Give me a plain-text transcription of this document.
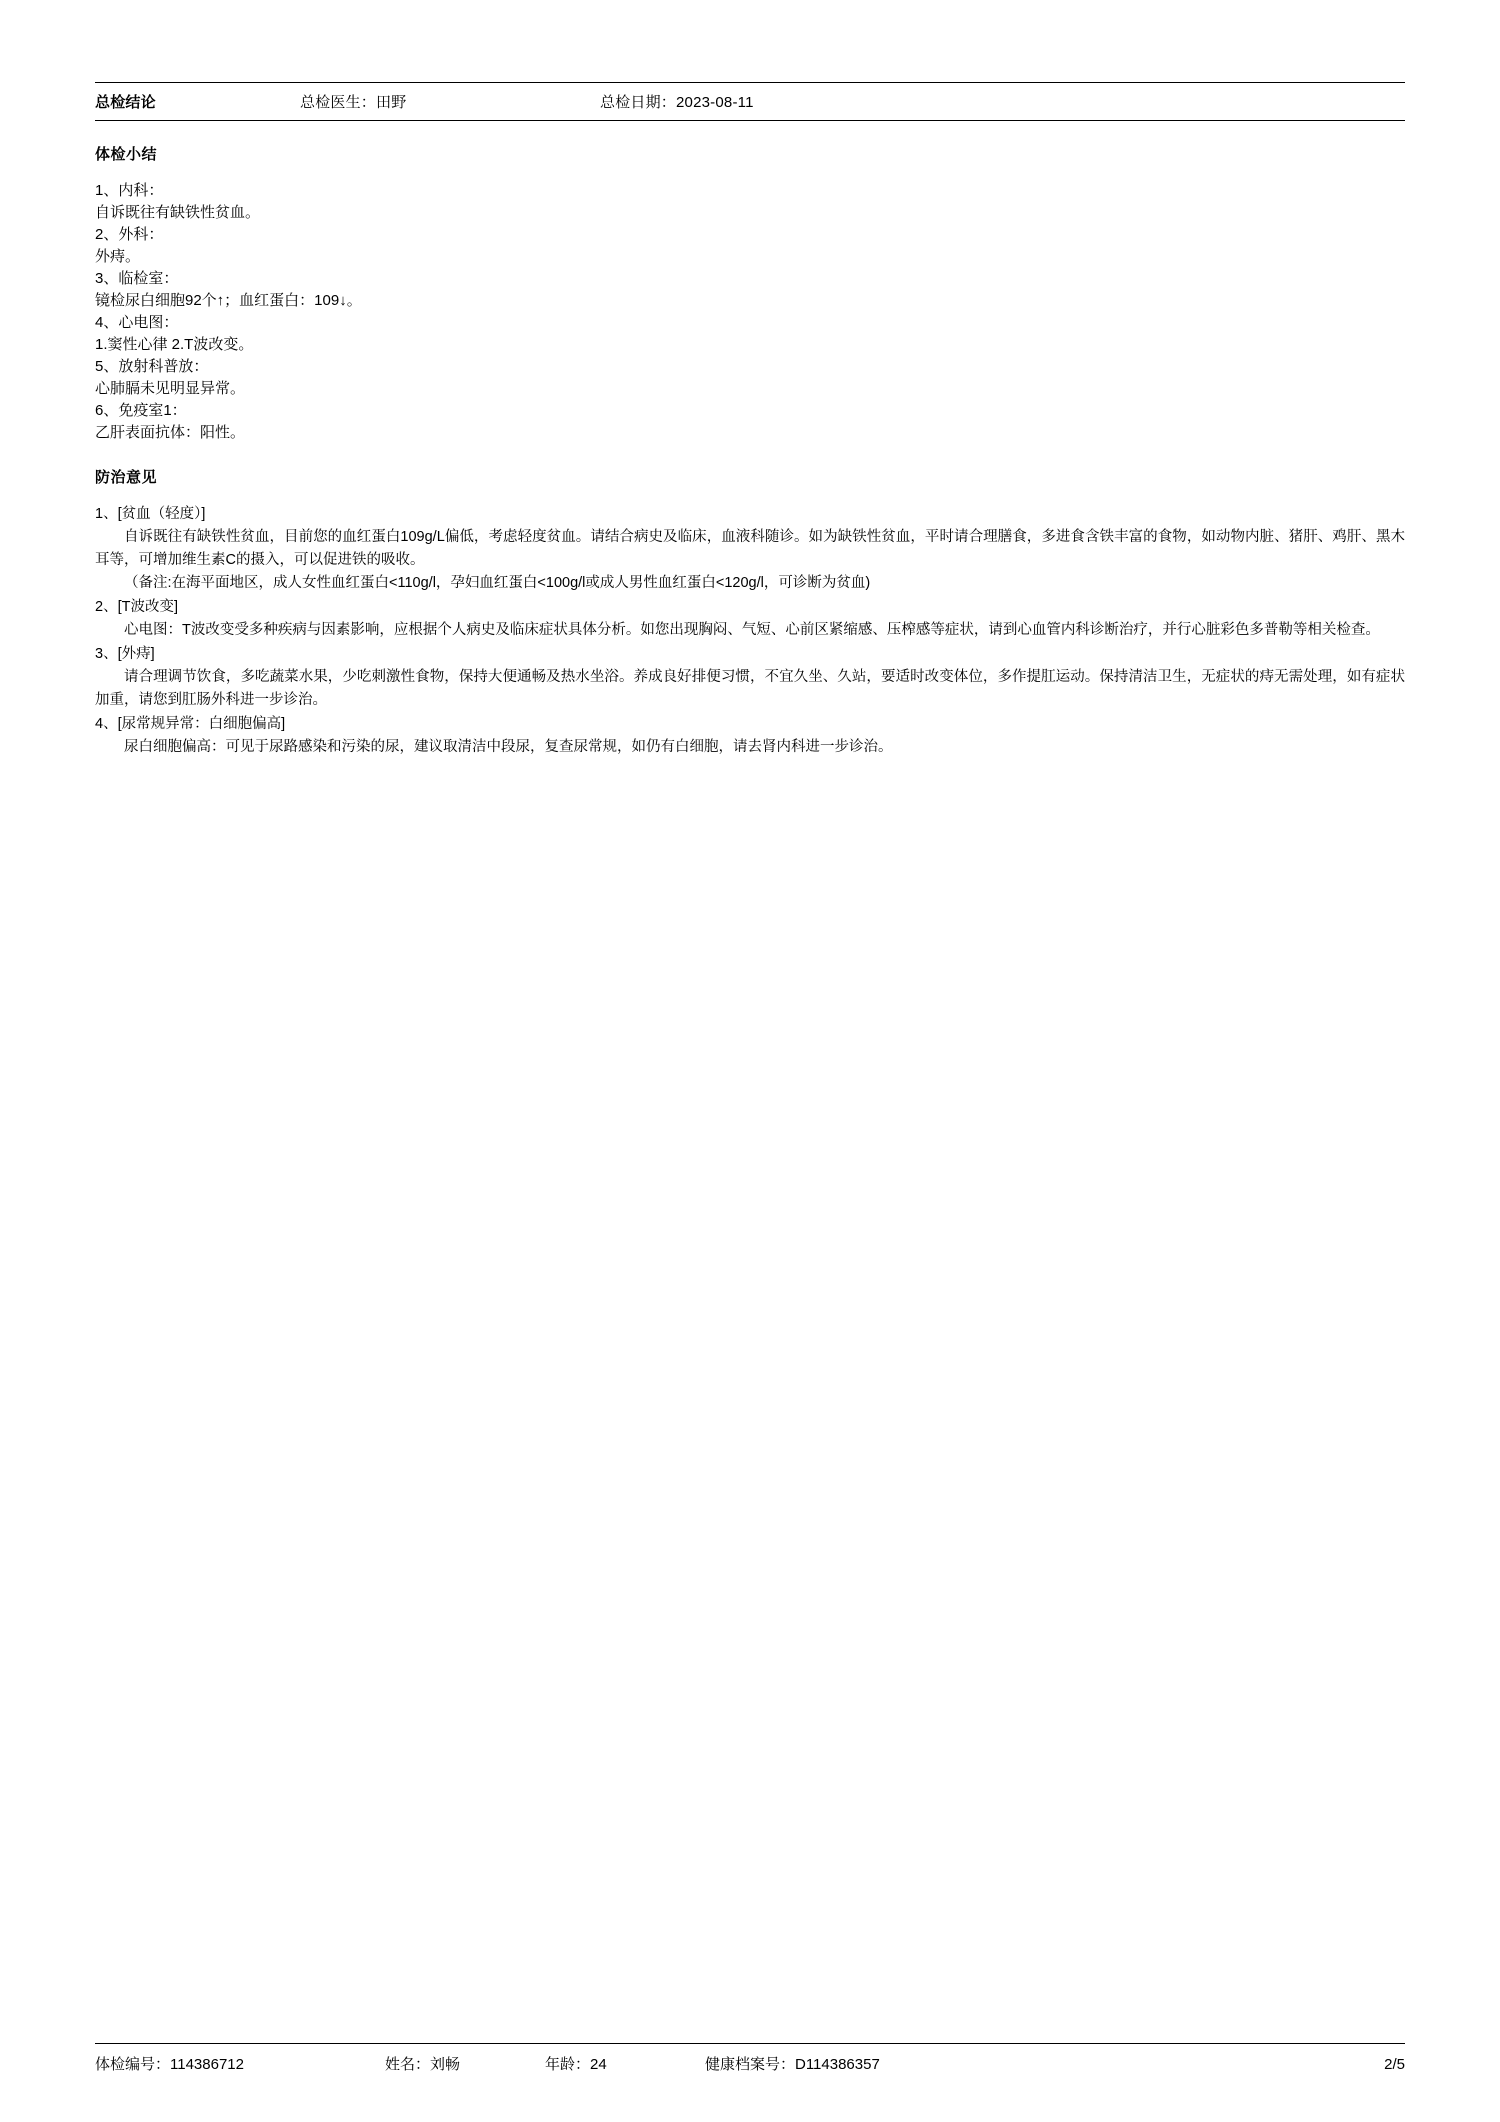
总检结论	总检医生：田野	总检日期：2023-08-11
体检小结
1、内科：
自诉既往有缺铁性贫血。
2、外科：
外痔。
3、临检室：
镜检尿白细胞92个↑；血红蛋白：109↓。
4、心电图：
1.窦性心律 2.T波改变。
5、放射科普放：
心肺膈未见明显异常。
6、免疫室1：
乙肝表面抗体：阳性。
防治意见
1、[贫血（轻度）]
自诉既往有缺铁性贫血，目前您的血红蛋白109g/L偏低，考虑轻度贫血。请结合病史及临床，血液科随诊。如为缺铁性贫血，平时请合理膳食，多进食含铁丰富的食物，如动物内脏、猪肝、鸡肝、黑木耳等，可增加维生素C的摄入，可以促进铁的吸收。
（备注:在海平面地区，成人女性血红蛋白<110g/l，孕妇血红蛋白<100g/l或成人男性血红蛋白<120g/l，可诊断为贫血)
2、[T波改变]
心电图：T波改变受多种疾病与因素影响，应根据个人病史及临床症状具体分析。如您出现胸闷、气短、心前区紧缩感、压榨感等症状，请到心血管内科诊断治疗，并行心脏彩色多普勒等相关检查。
3、[外痔]
请合理调节饮食，多吃蔬菜水果，少吃刺激性食物，保持大便通畅及热水坐浴。养成良好排便习惯，不宜久坐、久站，要适时改变体位，多作提肛运动。保持清洁卫生，无症状的痔无需处理，如有症状加重，请您到肛肠外科进一步诊治。
4、[尿常规异常：白细胞偏高]
尿白细胞偏高：可见于尿路感染和污染的尿，建议取清洁中段尿，复查尿常规，如仍有白细胞，请去肾内科进一步诊治。
体检编号：114386712	姓名：刘畅	年龄：24	健康档案号：D114386357	2/5
